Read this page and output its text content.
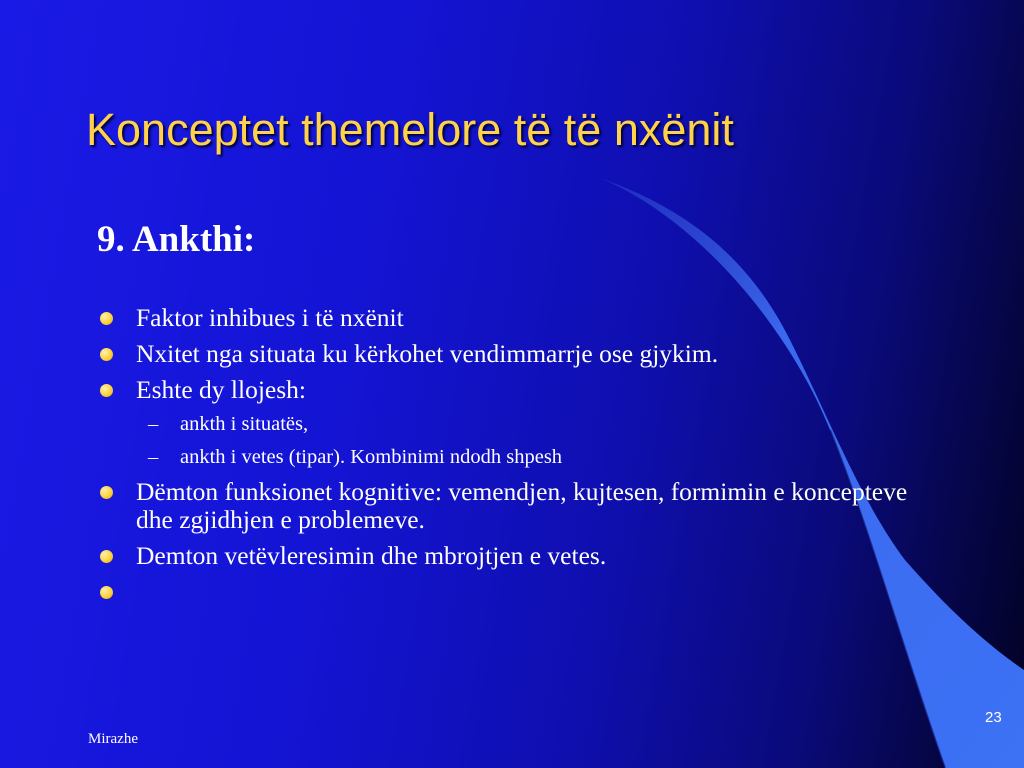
Konceptet themelore të të nxënit
9. Ankthi:
Faktor inhibues i të nxënit
Nxitet nga situata ku kërkohet vendimmarrje ose gjykim.
Eshte dy llojesh:
– ankth i situatës,
– ankth i vetes (tipar). Kombinimi ndodh shpesh
Dëmton funksionet kognitive: vemendjen, kujtesen, formimin e koncepteve dhe zgjidhjen e problemeve.
Demton vetëvleresimin dhe mbrojtjen e vetes.
Mirazhe
23
